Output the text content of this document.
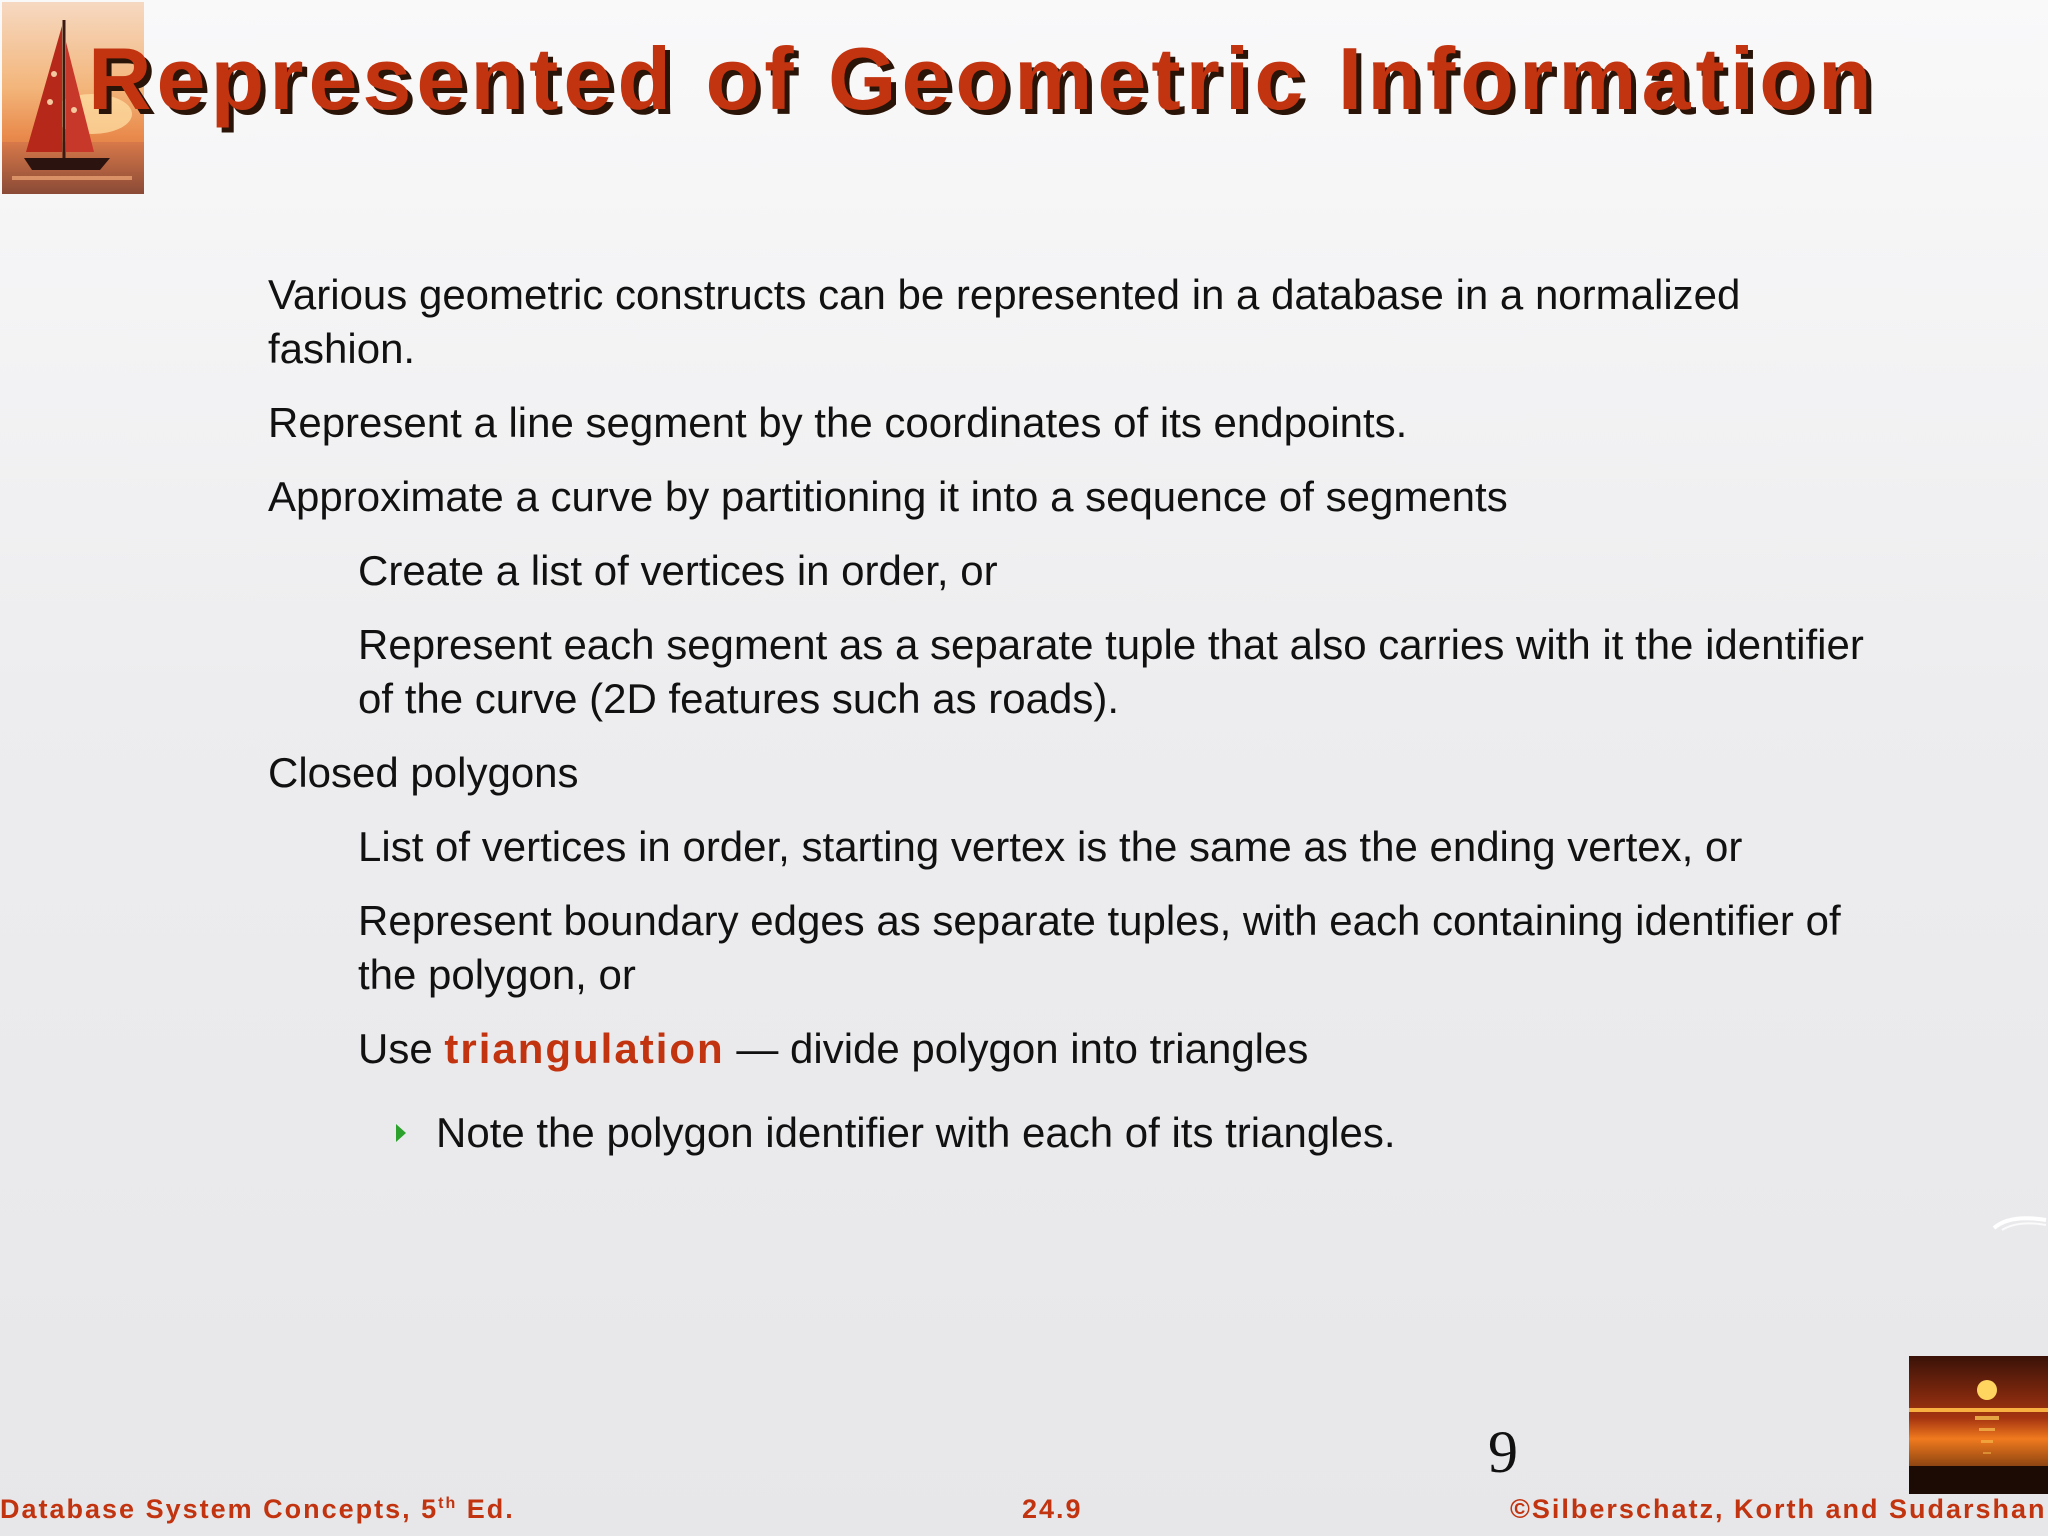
Represented of Geometric Information

Various geometric constructs can be represented in a database in a normalized fashion.

Represent a line segment by the coordinates of its endpoints.

Approximate a curve by partitioning it into a sequence of segments

Create a list of vertices in order, or

Represent each segment as a separate tuple that also carries with it the identifier of the curve (2D features such as roads).

Closed polygons

List of vertices in order, starting vertex is the same as the ending vertex, or

Represent boundary edges as separate tuples, with each containing identifier of the polygon, or

Use triangulation — divide polygon into triangles

Note the polygon identifier with each of its triangles.

9
Database System Concepts, 5th Ed.	24.9	©Silberschatz, Korth and Sudarshan
